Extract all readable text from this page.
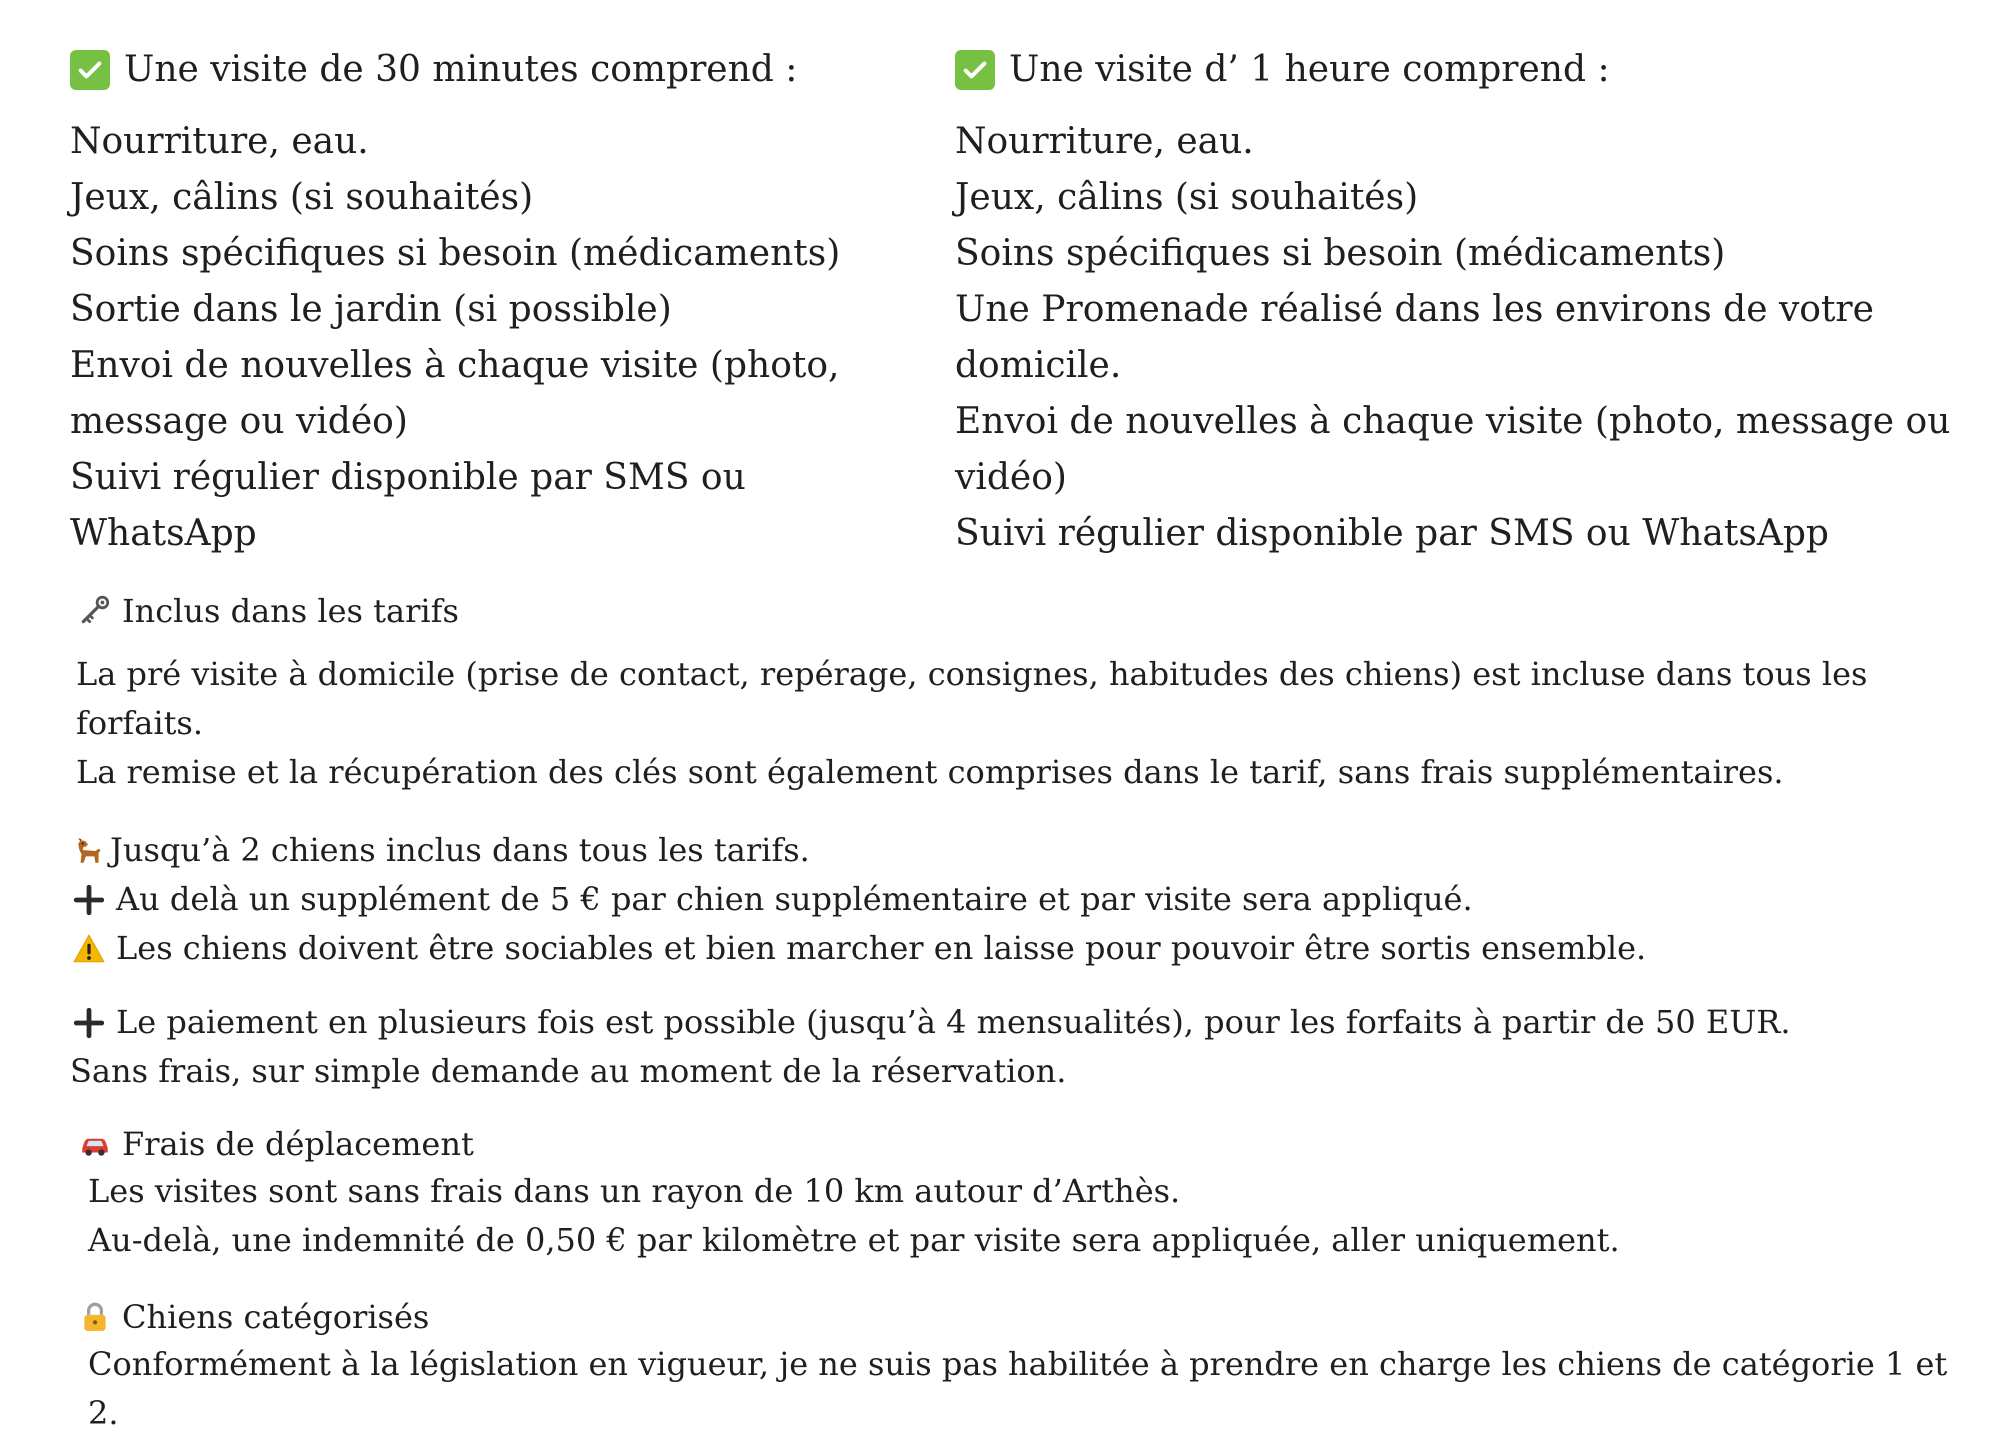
Une visite de 30 minutes comprend :
Nourriture, eau.
Jeux, câlins (si souhaités)
Soins spécifiques si besoin (médicaments)
Sortie dans le jardin (si possible)
Envoi de nouvelles à chaque visite (photo,
message ou vidéo)
Suivi régulier disponible par SMS ou
WhatsApp
Une visite d’ 1 heure comprend :
Nourriture, eau.
Jeux, câlins (si souhaités)
Soins spécifiques si besoin (médicaments)
Une Promenade réalisé dans les environs de votre
domicile.
Envoi de nouvelles à chaque visite (photo, message ou
vidéo)
Suivi régulier disponible par SMS ou WhatsApp
Inclus dans les tarifs
La pré visite à domicile (prise de contact, repérage, consignes, habitudes des chiens) est incluse dans tous les
forfaits.
La remise et la récupération des clés sont également comprises dans le tarif, sans frais supplémentaires.
Jusqu’à 2 chiens inclus dans tous les tarifs.
Au delà un supplément de 5 € par chien supplémentaire et par visite sera appliqué.
Les chiens doivent être sociables et bien marcher en laisse pour pouvoir être sortis ensemble.
Le paiement en plusieurs fois est possible (jusqu’à 4 mensualités), pour les forfaits à partir de 50 EUR.
Sans frais, sur simple demande au moment de la réservation.
Frais de déplacement
Les visites sont sans frais dans un rayon de 10 km autour d’Arthès.
Au-delà, une indemnité de 0,50 € par kilomètre et par visite sera appliquée, aller uniquement.
Chiens catégorisés
Conformément à la législation en vigueur, je ne suis pas habilitée à prendre en charge les chiens de catégorie 1 et 2.
